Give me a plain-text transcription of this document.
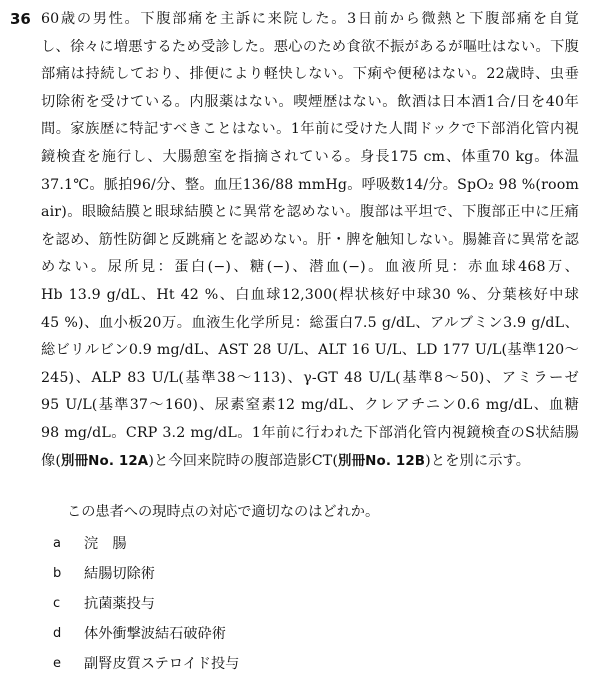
36 60歳の男性。下腹部痛を主訴に来院した。3日前から微熱と下腹部痛を自覚
し、徐々に増悪するため受診した。悪心のため食欲不振があるが嘔吐はない。下腹
部痛は持続しており、排便により軽快しない。下痢や便秘はない。22歳時、虫垂
切除術を受けている。内服薬はない。喫煙歴はない。飲酒は日本酒1合/日を40年
間。家族歴に特記すべきことはない。1年前に受けた人間ドックで下部消化管内視
鏡検査を施行し、大腸憩室を指摘されている。身長175 cm、体重70 kg。体温
37.1℃。脈拍96/分、整。血圧136/88 mmHg。呼吸数14/分。SpO₂ 98 %(room
air)。眼瞼結膜と眼球結膜とに異常を認めない。腹部は平坦で、下腹部正中に圧痛
を認め、筋性防御と反跳痛とを認めない。肝・脾を触知しない。腸雑音に異常を認
めない。尿所見：蛋白(−)、糖(−)、潜血(−)。血液所見：赤血球468万、
Hb 13.9 g/dL、Ht 42 %、白血球12,300(桿状核好中球30 %、分葉核好中球
45 %)、血小板20万。血液生化学所見：総蛋白7.5 g/dL、アルブミン3.9 g/dL、
総ビリルビン0.9 mg/dL、AST 28 U/L、ALT 16 U/L、LD 177 U/L(基準120〜
245)、ALP 83 U/L(基準38〜113)、γ-GT 48 U/L(基準8〜50)、アミラーゼ
95 U/L(基準37〜160)、尿素窒素12 mg/dL、クレアチニン0.6 mg/dL、血糖
98 mg/dL。CRP 3.2 mg/dL。1年前に行われた下部消化管内視鏡検査のS状結腸
像(別冊No. 12A)と今回来院時の腹部造影CT(別冊No. 12B)とを別に示す。
この患者への現時点の対応で適切なのはどれか。
a	浣　腸
b	結腸切除術
c	抗菌薬投与
d	体外衝撃波結石破砕術
e	副腎皮質ステロイド投与
